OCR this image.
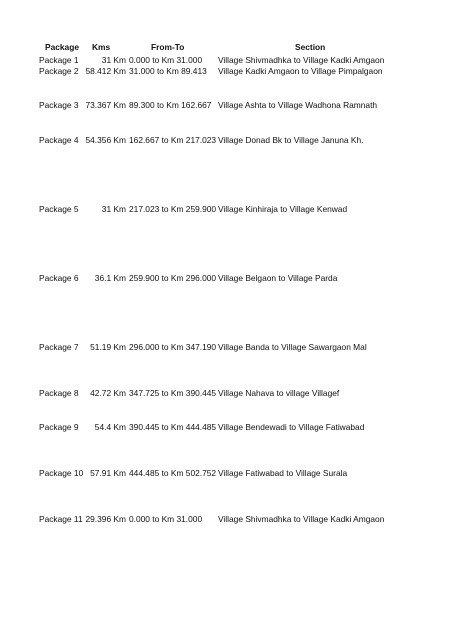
Package Kms	From-To	Section
Package 1	31 Km 0.000 to Km 31.000 Village Shivmadhka to Village Kadki Amgaon
Package 2 58.412 Km 31.000 to Km 89.413 Village Kadki Amgaon to Village Pimpalgaon
Package 3 73.367 Km 89.300 to Km 162.667 Village Ashta to Village Wadhona Ramnath
Package 4 54.356 Km 162.667 to Km 217.023 Village Donad Bk to Village Januna Kh.
Package 5	31 Km 217.023 to Km 259.900 Village Kinhiraja to Village Kenwad
Package 6	36.1 Km 259.900 to Km 296.000 Village Belgaon to Village Parda
Package 7	51.19 Km 296.000 to Km 347.190 Village Banda to Village Sawargaon Mal
Package 8	42.72 Km 347.725 to Km 390.445 Village Nahava to village Villagef
Package 9	54.4 Km 390.445 to Km 444.485 Village Bendewadi to Village Fatiwabad
Package 10 57.91 Km 444.485 to Km 502.752 Village Fatiwabad to Village Surala
Package 11 29.396 Km 0.000 to Km 31.000 Village Shivmadhka to Village Kadki Amgaon
